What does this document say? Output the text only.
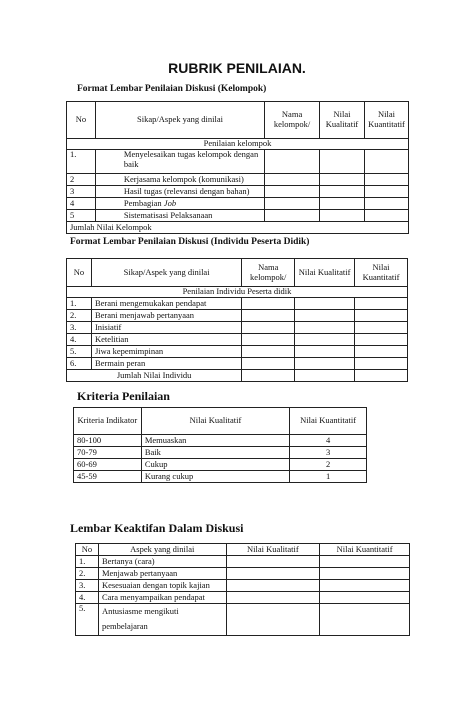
RUBRIK PENILAIAN.
Format Lembar Penilaian Diskusi (Kelompok)
No	Sikap/Aspek yang dinilai	Nama kelompok/	Nilai Kualitatif	Nilai Kuantitatif
Penilaian kelompok				
1.	Menyelesaikan tugas kelompok dengan baik			
2	Kerjasama kelompok (komunikasi)			
3	Hasil tugas (relevansi dengan bahan)			
4	Pembagian Job			
5	Sistematisasi Pelaksanaan			
Jumlah Nilai Kelompok				
Format Lembar Penilaian Diskusi (Individu Peserta Didik)
No	Sikap/Aspek yang dinilai	Nama kelompok/	Nilai Kualitatif	Nilai Kuantitatif
Penilaian Individu Peserta didik				
1.	Berani mengemukakan pendapat			
2.	Berani menjawab pertanyaan			
3.	Inisiatif			
4.	Ketelitian			
5.	Jiwa kepemimpinan			
6.	Bermain peran			
Jumlah Nilai Individu				
Kriteria Penilaian
Kriteria Indikator	Nilai Kualitatif	Nilai Kuantitatif
80-100	Memuaskan	4
70-79	Baik	3
60-69	Cukup	2
45-59	Kurang cukup	1
Lembar Keaktifan Dalam Diskusi
No	Aspek yang dinilai	Nilai Kualitatif	Nilai Kuantitatif
1.	Bertanya (cara)		
2.	Menjawab pertanyaan		
3.	Kesesuaian dengan topik kajian		
4.	Cara menyampaikan pendapat		
5.	Antusiasme mengikuti
pembelajaran		
